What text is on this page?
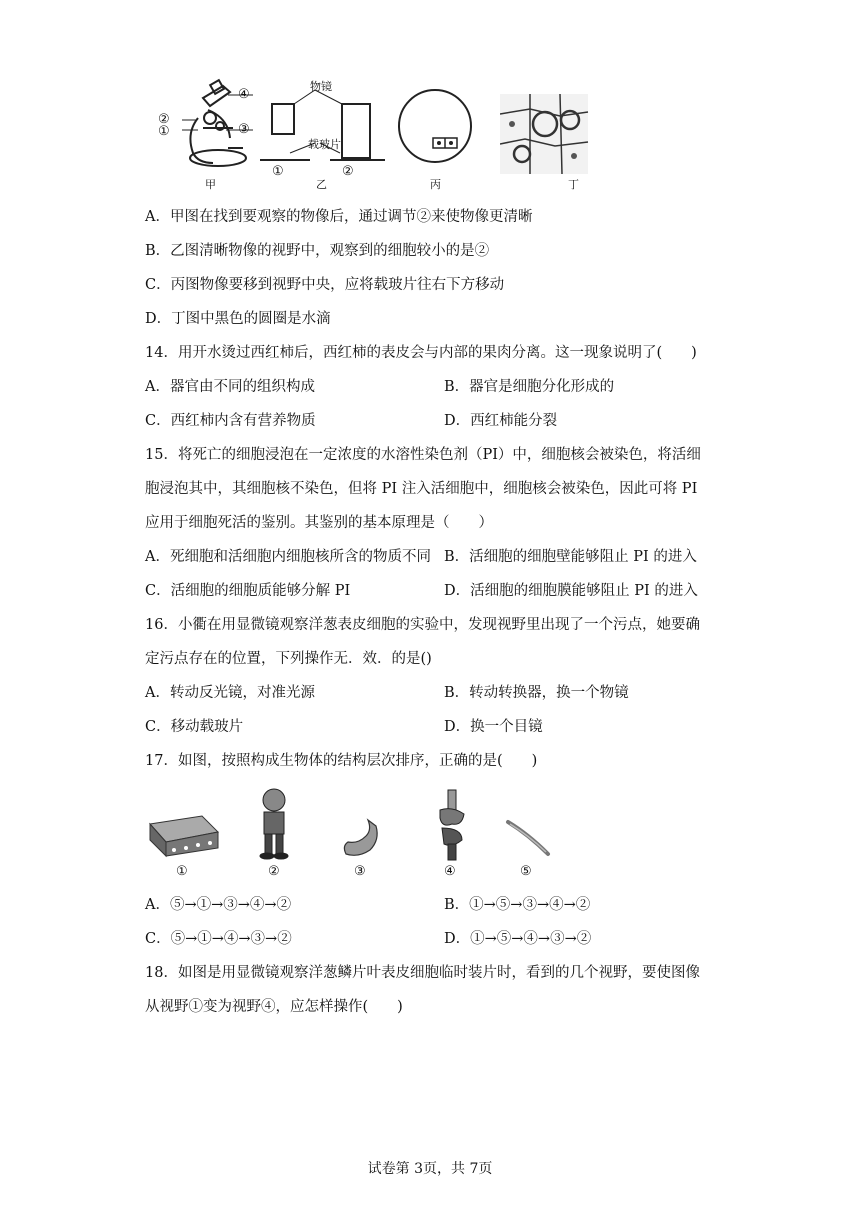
④
②
①	③
甲
物镜
载玻片
①	②
乙	丙	丁
A．甲图在找到要观察的物像后，通过调节②来使物像更清晰
B．乙图清晰物像的视野中，观察到的细胞较小的是②
C．丙图物像要移到视野中央，应将载玻片往右下方移动
D．丁图中黑色的圆圈是水滴
14．用开水烫过西红柿后，西红柿的表皮会与内部的果肉分离。这一现象说明了(　　)
A．器官由不同的组织构成	B．器官是细胞分化形成的
C．西红柿内含有营养物质	D．西红柿能分裂
15．将死亡的细胞浸泡在一定浓度的水溶性染色剂（PI）中，细胞核会被染色，将活细
胞浸泡其中，其细胞核不染色，但将 PI 注入活细胞中，细胞核会被染色，因此可将 PI
应用于细胞死活的鉴别。其鉴别的基本原理是（　　）
A．死细胞和活细胞内细胞核所含的物质不同 B．活细胞的细胞壁能够阻止 PI 的进入
C．活细胞的细胞质能够分解 PI	D．活细胞的细胞膜能够阻止 PI 的进入
16．小衢在用显微镜观察洋葱表皮细胞的实验中，发现视野里出现了一个污点，她要确
定污点存在的位置，下列操作无．效．的是()
A．转动反光镜，对准光源	B．转动转换器，换一个物镜
C．移动载玻片	D．换一个目镜
17．如图，按照构成生物体的结构层次排序，正确的是(　　)
①	②	③	④	⑤
A．⑤→①→③→④→②	B．①→⑤→③→④→②
C．⑤→①→④→③→②	D．①→⑤→④→③→②
18．如图是用显微镜观察洋葱鳞片叶表皮细胞临时装片时，看到的几个视野，要使图像
从视野①变为视野④，应怎样操作(　　)
试卷第 3页，共 7页
